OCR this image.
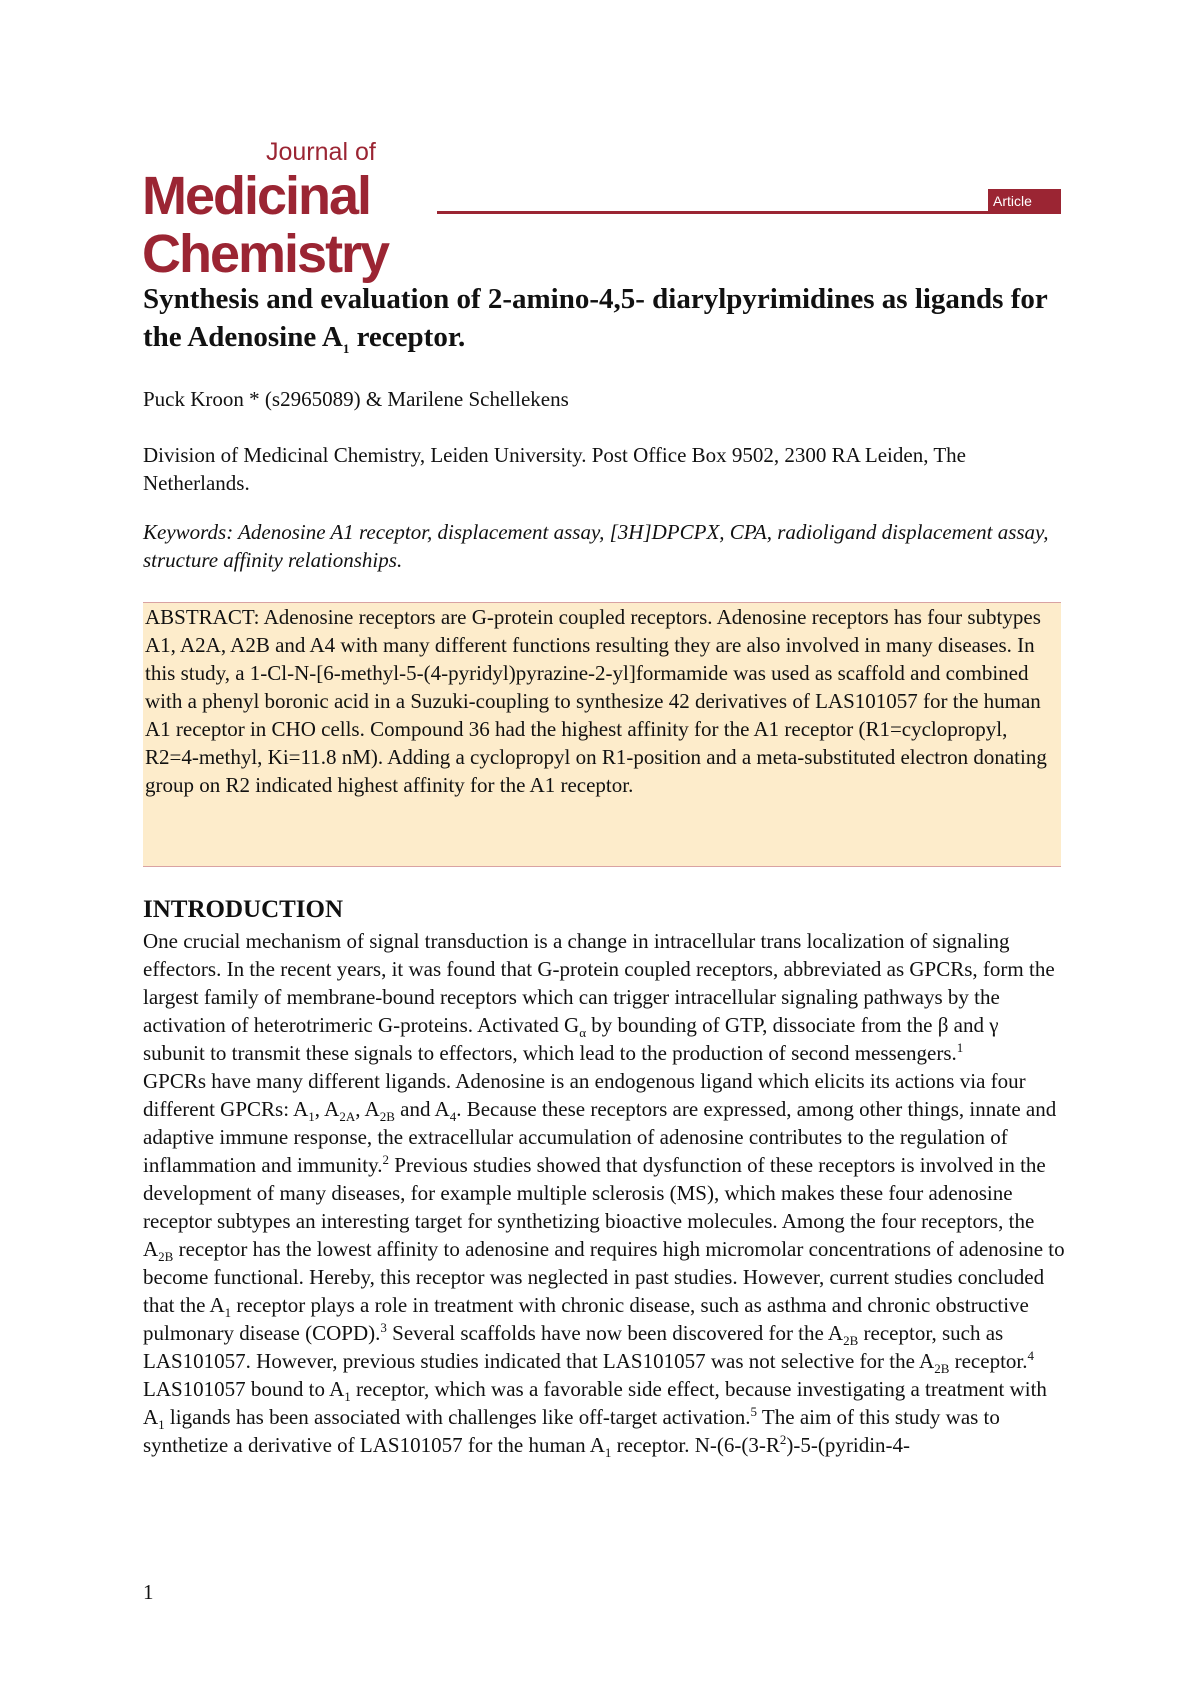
Journal of
Medicinal
Chemistry
Article
Synthesis and evaluation of 2-amino-4,5- diarylpyrimidines as ligands for the Adenosine $A_1$ receptor.
Puck Kroon * (s2965089) & Marilene Schellekens
Division of Medicinal Chemistry, Leiden University. Post Office Box 9502, 2300 RA Leiden, The Netherlands.
Keywords: Adenosine A1 receptor, displacement assay, [3H]DPCPX, CPA, radioligand displacement assay, structure affinity relationships.
ABSTRACT: Adenosine receptors are G-protein coupled receptors. Adenosine receptors has four subtypes A1, A2A, A2B and A4 with many different functions resulting they are also involved in many diseases. In this study, a 1-Cl-N-[6-methyl-5-(4-pyridyl)pyrazine-2-yl]formamide was used as scaffold and combined with a phenyl boronic acid in a Suzuki-coupling to synthesize 42 derivatives of LAS101057 for the human A1 receptor in CHO cells. Compound 36 had the highest affinity for the A1 receptor (R1=cyclopropyl, R2=4-methyl, Ki=11.8 nM). Adding a cyclopropyl on R1-position and a meta-substituted electron donating group on R2 indicated highest affinity for the A1 receptor.
INTRODUCTION

One crucial mechanism of signal transduction is a change in intracellular trans localization of signaling effectors. In the recent years, it was found that G-protein coupled receptors, abbreviated as GPCRs, form the largest family of membrane-bound receptors which can trigger intracellular signaling pathways by the activation of heterotrimeric G-proteins. Activated $G_\alpha$ by bounding of GTP, dissociate from the β and γ subunit to transmit these signals to effectors, which lead to the production of second messengers.$^1$

GPCRs have many different ligands. Adenosine is an endogenous ligand which elicits its actions via four different GPCRs: $A_1$, $A_{2A}$, $A_{2B}$ and $A_4$. Because these receptors are expressed, among other things, innate and adaptive immune response, the extracellular accumulation of adenosine contributes to the regulation of inflammation and immunity.$^2$ Previous studies showed that dysfunction of these receptors is involved in the development of many diseases, for example multiple sclerosis (MS), which makes these four adenosine receptor subtypes an interesting target for synthetizing bioactive molecules. Among the four receptors, the $A_{2B}$ receptor has the lowest affinity to adenosine and requires high micromolar concentrations of adenosine to become functional. Hereby, this receptor was neglected in past studies. However, current studies concluded that the $A_1$ receptor plays a role in treatment with chronic disease, such as asthma and chronic obstructive pulmonary disease (COPD).$^3$ Several scaffolds have now been discovered for the $A_{2B}$ receptor, such as LAS101057. However, previous studies indicated that LAS101057 was not selective for the $A_{2B}$ receptor.$^4$ LAS101057 bound to $A_1$ receptor, which was a favorable side effect, because investigating a treatment with $A_1$ ligands has been associated with challenges like off-target activation.$^5$ The aim of this study was to synthetize a derivative of LAS101057 for the human $A_1$ receptor. $N-(6-(3-R^2)-5-(pyridin-4-$

1
